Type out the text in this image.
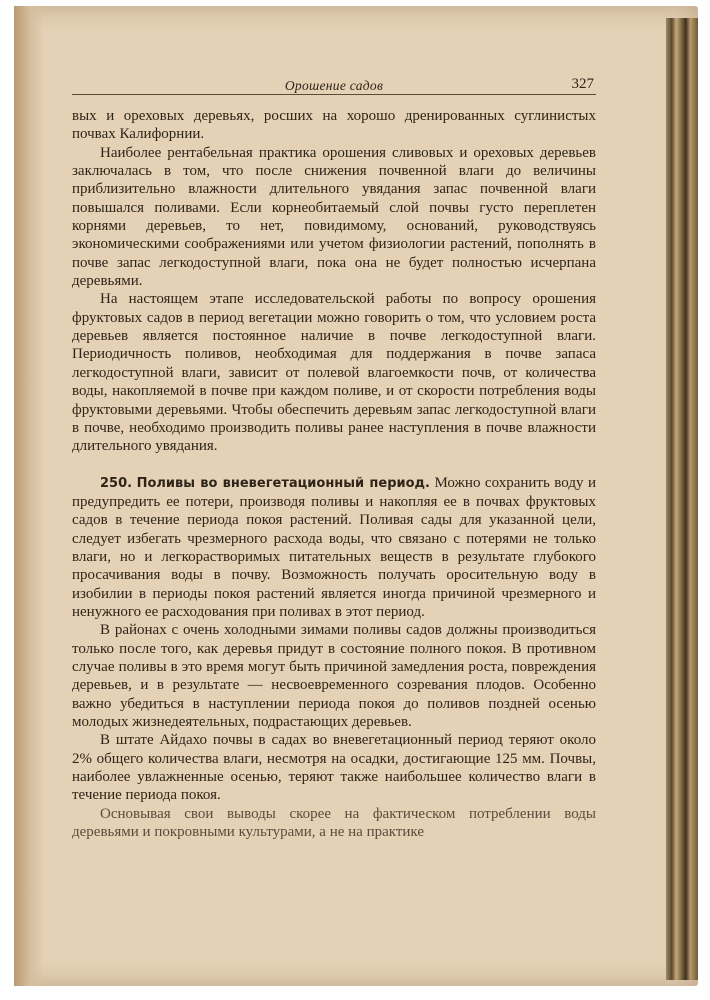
Орошение садов	327

вых и ореховых деревьях, росших на хорошо дренированных суглинистых почвах Калифорнии.

Наиболее рентабельная практика орошения сливовых и ореховых деревьев заключалась в том, что после снижения почвенной влаги до величины приблизительно влажности длительного увядания запас почвенной влаги повышался поливами. Если корнеобитаемый слой почвы густо переплетен корнями деревьев, то нет, повидимому, оснований, руководствуясь экономическими соображениями или учетом физиологии растений, пополнять в почве запас легкодоступной влаги, пока она не будет полностью исчерпана деревьями.

На настоящем этапе исследовательской работы по вопросу орошения фруктовых садов в период вегетации можно говорить о том, что условием роста деревьев является постоянное наличие в почве легкодоступной влаги. Периодичность поливов, необходимая для поддержания в почве запаса легкодоступной влаги, зависит от полевой влагоемкости почв, от количества воды, накопляемой в почве при каждом поливе, и от скорости потребления воды фруктовыми деревьями. Чтобы обеспечить деревьям запас легкодоступной влаги в почве, необходимо производить поливы ранее наступления в почве влажности длительного увядания.

250. Поливы во вневегетационный период. Можно сохранить воду и предупредить ее потери, производя поливы и накопляя ее в почвах фруктовых садов в течение периода покоя растений. Поливая сады для указанной цели, следует избегать чрезмерного расхода воды, что связано с потерями не только влаги, но и легкорастворимых питательных веществ в результате глубокого просачивания воды в почву. Возможность получать оросительную воду в изобилии в периоды покоя растений является иногда причиной чрезмерного и ненужного ее расходования при поливах в этот период.

В районах с очень холодными зимами поливы садов должны производиться только после того, как деревья придут в состояние полного покоя. В противном случае поливы в это время могут быть причиной замедления роста, повреждения деревьев, и в результате — несвоевременного созревания плодов. Особенно важно убедиться в наступлении периода покоя до поливов поздней осенью молодых жизнедеятельных, подрастающих деревьев.

В штате Айдахо почвы в садах во вневегетационный период теряют около 2% общего количества влаги, несмотря на осадки, достигающие 125 мм. Почвы, наиболее увлажненные осенью, теряют также наибольшее количество влаги в течение периода покоя.

Основывая свои выводы скорее на фактическом потреблении воды деревьями и покровными культурами, а не на практике
